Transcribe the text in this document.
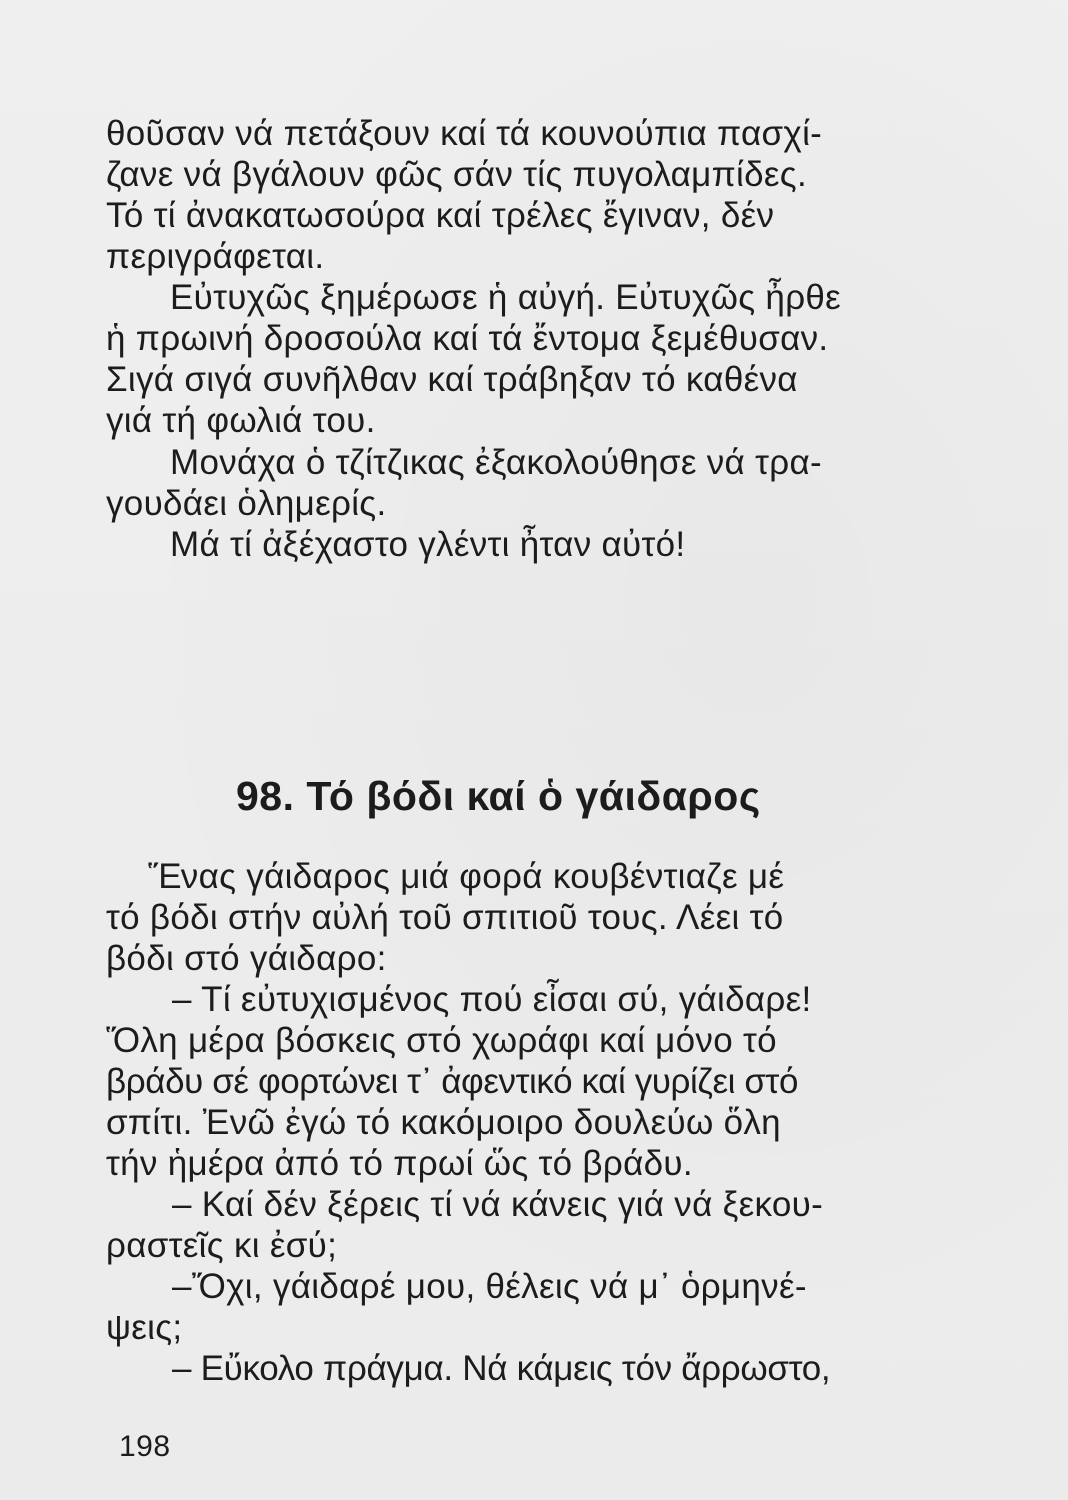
θοῦσαν νά πετάξουν καί τά κουνούπια πασχί-
ζανε νά βγάλουν φῶς σάν τίς πυγολαμπίδες.
Τό τί ἀνακατωσούρα καί τρέλες ἔγιναν, δέν
περιγράφεται.
Εὐτυχῶς ξημέρωσε ἡ αὐγή. Εὐτυχῶς ἦρθε
ἡ πρωινή δροσούλα καί τά ἔντομα ξεμέθυσαν.
Σιγά σιγά συνῆλθαν καί τράβηξαν τό καθένα
γιά τή φωλιά του.
Μονάχα ὁ τζίτζικας ἐξακολούθησε νά τρα-
γουδάει ὁλημερίς.
Μά τί ἀξέχαστο γλέντι ἦταν αὐτό!
98. Τό βόδι καί ὁ γάιδαρος
Ἕνας γάιδαρος μιά φορά κουβέντιαζε μέ
τό βόδι στήν αὐλή τοῦ σπιτιοῦ τους. Λέει τό
βόδι στό γάιδαρο:
– Τί εὐτυχισμένος πού εἶσαι σύ, γάιδαρε!
Ὅλη μέρα βόσκεις στό χωράφι καί μόνο τό
βράδυ σέ φορτώνει τ᾽ ἀφεντικό καί γυρίζει στό
σπίτι. Ἐνῶ ἐγώ τό κακόμοιρο δουλεύω ὅλη
τήν ἡμέρα ἀπό τό πρωί ὥς τό βράδυ.
– Καί δέν ξέρεις τί νά κάνεις γιά νά ξεκου-
ραστεῖς κι ἐσύ;
–Ὄχι, γάιδαρέ μου, θέλεις νά μ᾽ ὁρμηνέ-
ψεις;
– Εὔκολο πράγμα. Νά κάμεις τόν ἄρρωστο,
198
